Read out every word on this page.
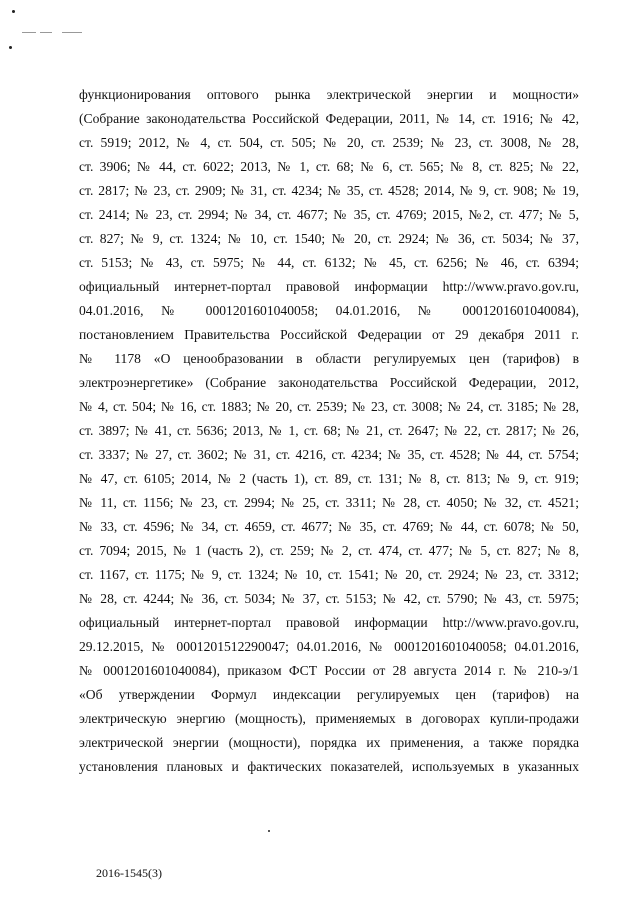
функционирования оптового рынка электрической энергии и мощности»
(Собрание законодательства Российской Федерации, 2011, № 14, ст. 1916; № 42,
ст. 5919; 2012, № 4, ст. 504, ст. 505; № 20, ст. 2539; № 23, ст. 3008, № 28,
ст. 3906; № 44, ст. 6022; 2013, № 1, ст. 68; № 6, ст. 565; № 8, ст. 825; № 22,
ст. 2817; № 23, ст. 2909; № 31, ст. 4234; № 35, ст. 4528; 2014, № 9, ст. 908; № 19,
ст. 2414; № 23, ст. 2994; № 34, ст. 4677; № 35, ст. 4769; 2015, №2, ст. 477; № 5,
ст. 827; № 9, ст. 1324; № 10, ст. 1540; № 20, ст. 2924; № 36, ст. 5034; № 37,
ст. 5153; № 43, ст. 5975; № 44, ст. 6132; № 45, ст. 6256; № 46, ст. 6394;
официальный интернет-портал правовой информации http://www.pravo.gov.ru,
04.01.2016, № 0001201601040058; 04.01.2016, № 0001201601040084),
постановлением Правительства Российской Федерации от 29 декабря 2011 г.
№ 1178 «О ценообразовании в области регулируемых цен (тарифов) в
электроэнергетике» (Собрание законодательства Российской Федерации, 2012,
№ 4, ст. 504; № 16, ст. 1883; № 20, ст. 2539; № 23, ст. 3008; № 24, ст. 3185; № 28,
ст. 3897; № 41, ст. 5636; 2013, № 1, ст. 68; № 21, ст. 2647; № 22, ст. 2817; № 26,
ст. 3337; № 27, ст. 3602; № 31, ст. 4216, ст. 4234; № 35, ст. 4528; № 44, ст. 5754;
№ 47, ст. 6105; 2014, № 2 (часть 1), ст. 89, ст. 131; № 8, ст. 813; № 9, ст. 919;
№ 11, ст. 1156; № 23, ст. 2994; № 25, ст. 3311; № 28, ст. 4050; № 32, ст. 4521;
№ 33, ст. 4596; № 34, ст. 4659, ст. 4677; № 35, ст. 4769; № 44, ст. 6078; № 50,
ст. 7094; 2015, № 1 (часть 2), ст. 259; № 2, ст. 474, ст. 477; № 5, ст. 827; № 8,
ст. 1167, ст. 1175; № 9, ст. 1324; № 10, ст. 1541; № 20, ст. 2924; № 23, ст. 3312;
№ 28, ст. 4244; № 36, ст. 5034; № 37, ст. 5153; № 42, ст. 5790; № 43, ст. 5975;
официальный интернет-портал правовой информации http://www.pravo.gov.ru,
29.12.2015, № 0001201512290047; 04.01.2016, № 0001201601040058; 04.01.2016,
№ 0001201601040084), приказом ФСТ России от 28 августа 2014 г. № 210-э/1
«Об утверждении Формул индексации регулируемых цен (тарифов) на
электрическую энергию (мощность), применяемых в договорах купли-продажи
электрической энергии (мощности), порядка их применения, а также порядка
установления плановых и фактических показателей, используемых в указанных
2016-1545(3)
